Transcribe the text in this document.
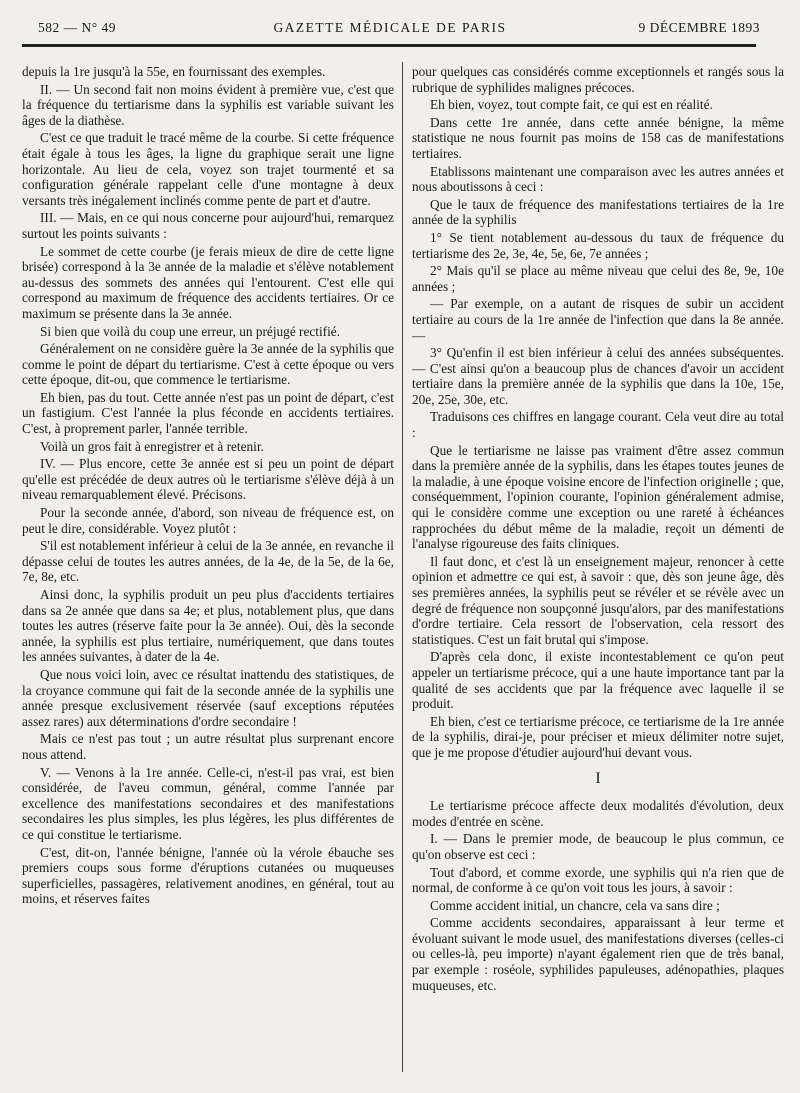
582 — N° 49	GAZETTE MÉDICALE DE PARIS	9 DÉCEMBRE 1893

depuis la 1re jusqu'à la 55e, en fournissant des exemples.

II. — Un second fait non moins évident à première vue, c'est que la fréquence du tertiarisme dans la syphilis est variable suivant les âges de la diathèse.

C'est ce que traduit le tracé même de la courbe. Si cette fréquence était égale à tous les âges, la ligne du graphique serait une ligne horizontale. Au lieu de cela, voyez son trajet tourmenté et sa configuration générale rappelant celle d'une montagne à deux versants très inégalement inclinés comme pente de part et d'autre.

III. — Mais, en ce qui nous concerne pour aujourd'hui, remarquez surtout les points suivants :

Le sommet de cette courbe (je ferais mieux de dire de cette ligne brisée) correspond à la 3e année de la maladie et s'élève notablement au-dessus des sommets des années qui l'entourent. C'est elle qui correspond au maximum de fréquence des accidents tertiaires. Or ce maximum se présente dans la 3e année.

Si bien que voilà du coup une erreur, un préjugé rectifié.

Généralement on ne considère guère la 3e année de la syphilis que comme le point de départ du tertiarisme. C'est à cette époque ou vers cette époque, dit-ou, que commence le tertiarisme.

Eh bien, pas du tout. Cette année n'est pas un point de départ, c'est un fastigium. C'est l'année la plus féconde en accidents tertiaires. C'est, à proprement parler, l'année terrible.

Voilà un gros fait à enregistrer et à retenir.

IV. — Plus encore, cette 3e année est si peu un point de départ qu'elle est précédée de deux autres où le tertiarisme s'élève déjà à un niveau remarquablement élevé. Précisons.

Pour la seconde année, d'abord, son niveau de fréquence est, on peut le dire, considérable. Voyez plutôt :

S'il est notablement inférieur à celui de la 3e année, en revanche il dépasse celui de toutes les autres années, de la 4e, de la 5e, de la 6e, 7e, 8e, etc.

Ainsi donc, la syphilis produit un peu plus d'accidents tertiaires dans sa 2e année que dans sa 4e; et plus, notablement plus, que dans toutes les autres (réserve faite pour la 3e année). Oui, dès la seconde année, la syphilis est plus tertiaire, numériquement, que dans toutes les années suivantes, à dater de la 4e.

Que nous voici loin, avec ce résultat inattendu des statistiques, de la croyance commune qui fait de la seconde année de la syphilis une année presque exclusivement réservée (sauf exceptions réputées assez rares) aux déterminations d'ordre secondaire !

Mais ce n'est pas tout ; un autre résultat plus surprenant encore nous attend.

V. — Venons à la 1re année. Celle-ci, n'est-il pas vrai, est bien considérée, de l'aveu commun, général, comme l'année par excellence des manifestations secondaires et des manifestations secondaires les plus simples, les plus légères, les plus différentes de ce qui constitue le tertiarisme.

C'est, dit-on, l'année bénigne, l'année où la vérole ébauche ses premiers coups sous forme d'éruptions cutanées ou muqueuses superficielles, passagères, relativement anodines, en général, tout au moins, et réserves faites

pour quelques cas considérés comme exceptionnels et rangés sous la rubrique de syphilides malignes précoces.

Eh bien, voyez, tout compte fait, ce qui est en réalité.

Dans cette 1re année, dans cette année bénigne, la même statistique ne nous fournit pas moins de 158 cas de manifestations tertiaires.

Etablissons maintenant une comparaison avec les autres années et nous aboutissons à ceci :

Que le taux de fréquence des manifestations tertiaires de la 1re année de la syphilis

1° Se tient notablement au-dessous du taux de fréquence du tertiarisme des 2e, 3e, 4e, 5e, 6e, 7e années ;

2° Mais qu'il se place au même niveau que celui des 8e, 9e, 10e années ;

— Par exemple, on a autant de risques de subir un accident tertiaire au cours de la 1re année de l'infection que dans la 8e année. —

3° Qu'enfin il est bien inférieur à celui des années subséquentes. — C'est ainsi qu'on a beaucoup plus de chances d'avoir un accident tertiaire dans la première année de la syphilis que dans la 10e, 15e, 20e, 25e, 30e, etc.

Traduisons ces chiffres en langage courant. Cela veut dire au total :

Que le tertiarisme ne laisse pas vraiment d'être assez commun dans la première année de la syphilis, dans les étapes toutes jeunes de la maladie, à une époque voisine encore de l'infection originelle ; que, conséquemment, l'opinion courante, l'opinion généralement admise, qui le considère comme une exception ou une rareté à échéances rapprochées du début même de la maladie, reçoit un démenti de l'analyse rigoureuse des faits cliniques.

Il faut donc, et c'est là un enseignement majeur, renoncer à cette opinion et admettre ce qui est, à savoir : que, dès son jeune âge, dès ses premières années, la syphilis peut se révéler et se révèle avec un degré de fréquence non soupçonné jusqu'alors, par des manifestations d'ordre tertiaire. Cela ressort de l'observation, cela ressort des statistiques. C'est un fait brutal qui s'impose.

D'après cela donc, il existe incontestablement ce qu'on peut appeler un tertiarisme précoce, qui a une haute importance tant par la qualité de ses accidents que par la fréquence avec laquelle il se produit.

Eh bien, c'est ce tertiarisme précoce, ce tertiarisme de la 1re année de la syphilis, dirai-je, pour préciser et mieux délimiter notre sujet, que je me propose d'étudier aujourd'hui devant vous.

I

Le tertiarisme précoce affecte deux modalités d'évolution, deux modes d'entrée en scène.

I. — Dans le premier mode, de beaucoup le plus commun, ce qu'on observe est ceci :

Tout d'abord, et comme exorde, une syphilis qui n'a rien que de normal, de conforme à ce qu'on voit tous les jours, à savoir :

Comme accident initial, un chancre, cela va sans dire ;

Comme accidents secondaires, apparaissant à leur terme et évoluant suivant le mode usuel, des manifestations diverses (celles-ci ou celles-là, peu importe) n'ayant également rien que de très banal, par exemple : roséole, syphilides papuleuses, adénopathies, plaques muqueuses, etc.
